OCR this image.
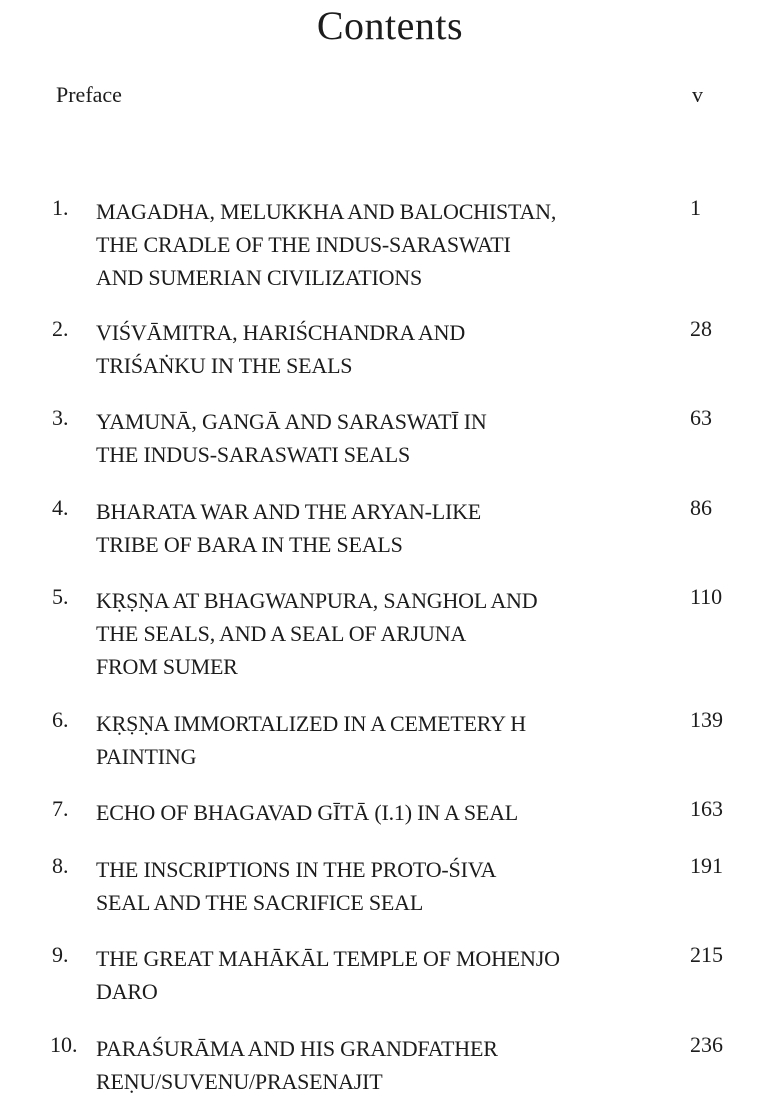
Contents
Preface	v
1. MAGADHA, MELUKKHA AND BALOCHISTAN,
THE CRADLE OF THE INDUS-SARASWATI
AND SUMERIAN CIVILIZATIONS
1
2. VIŚVĀMITRA, HARIŚCHANDRA AND
TRIŚAṄKU IN THE SEALS
28
3. YAMUNĀ, GANGĀ AND SARASWATĪ IN
THE INDUS-SARASWATI SEALS
63
4. BHARATA WAR AND THE ARYAN-LIKE
TRIBE OF BARA IN THE SEALS
86
5. KṚṢṆA AT BHAGWANPURA, SANGHOL AND
THE SEALS, AND A SEAL OF ARJUNA
FROM SUMER
110
6. KṚṢṆA IMMORTALIZED IN A CEMETERY H
PAINTING
139
7. ECHO OF BHAGAVAD GĪTĀ (I.1) IN A SEAL	163
8. THE INSCRIPTIONS IN THE PROTO-ŚIVA
SEAL AND THE SACRIFICE SEAL
191
9. THE GREAT MAHĀKĀL TEMPLE OF MOHENJO
DARO
215
10. PARAŚURĀMA AND HIS GRANDFATHER
REṆU/SUVENU/PRASENAJIT
236
